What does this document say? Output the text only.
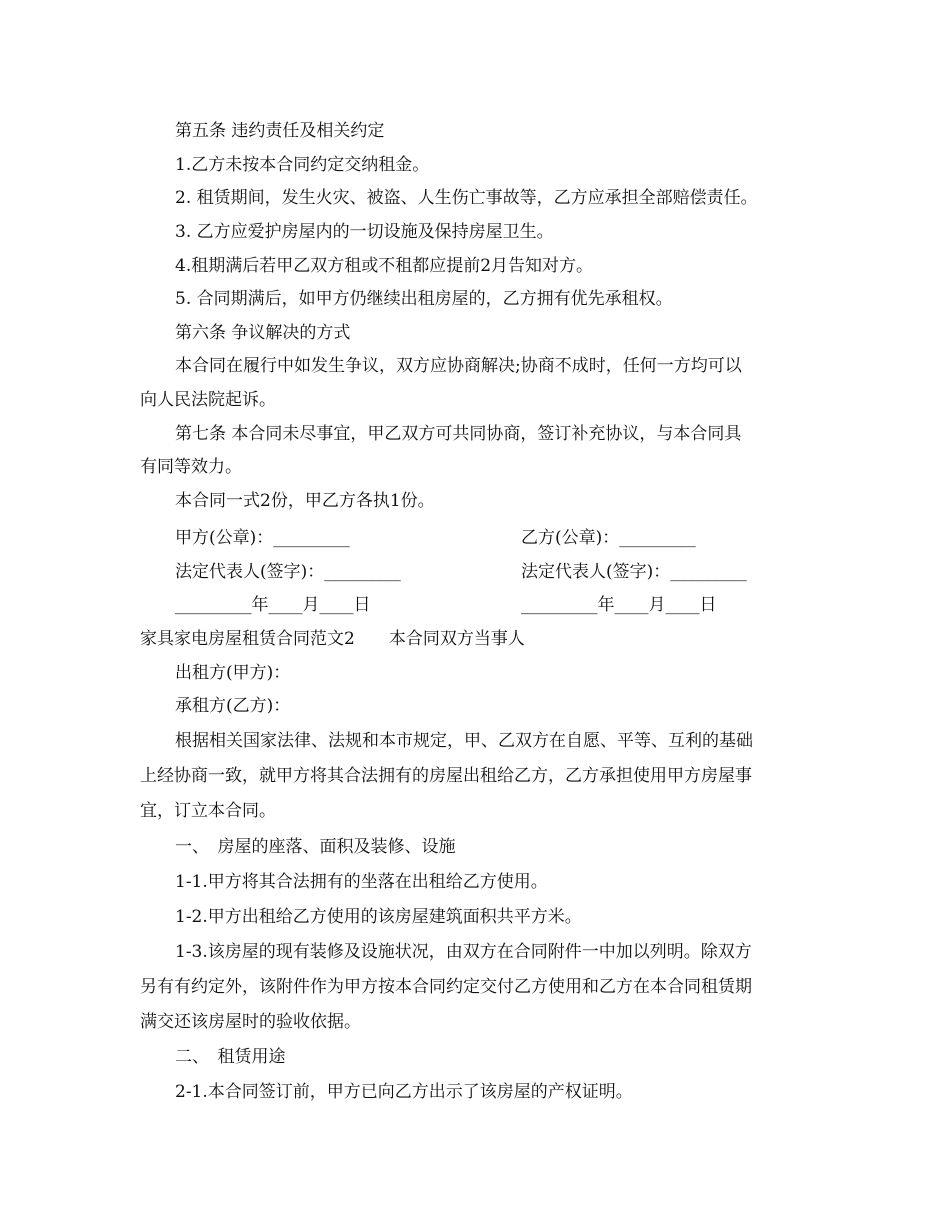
第五条 违约责任及相关约定
1.乙方未按本合同约定交纳租金。
2. 租赁期间，发生火灾、被盗、人生伤亡事故等，乙方应承担全部赔偿责任。
3. 乙方应爱护房屋内的一切设施及保持房屋卫生。
4.租期满后若甲乙双方租或不租都应提前2月告知对方。
5. 合同期满后，如甲方仍继续出租房屋的，乙方拥有优先承租权。
第六条 争议解决的方式
本合同在履行中如发生争议，双方应协商解决;协商不成时，任何一方均可以
向人民法院起诉。
第七条 本合同未尽事宜，甲乙双方可共同协商，签订补充协议，与本合同具
有同等效力。
本合同一式2份，甲乙方各执1份。
甲方(公章)：_________	乙方(公章)：_________
法定代表人(签字)：_________	法定代表人(签字)：_________
_________年____月____日	_________年____月____日
家具家电房屋租赁合同范文2　　本合同双方当事人
出租方(甲方)：
承租方(乙方)：
根据相关国家法律、法规和本市规定，甲、乙双方在自愿、平等、互利的基础
上经协商一致，就甲方将其合法拥有的房屋出租给乙方，乙方承担使用甲方房屋事
宜，订立本合同。
一、　房屋的座落、面积及装修、设施
1-1.甲方将其合法拥有的坐落在出租给乙方使用。
1-2.甲方出租给乙方使用的该房屋建筑面积共平方米。
1-3.该房屋的现有装修及设施状况，由双方在合同附件一中加以列明。除双方
另有有约定外，该附件作为甲方按本合同约定交付乙方使用和乙方在本合同租赁期
满交还该房屋时的验收依据。
二、　租赁用途
2-1.本合同签订前，甲方已向乙方出示了该房屋的产权证明。
